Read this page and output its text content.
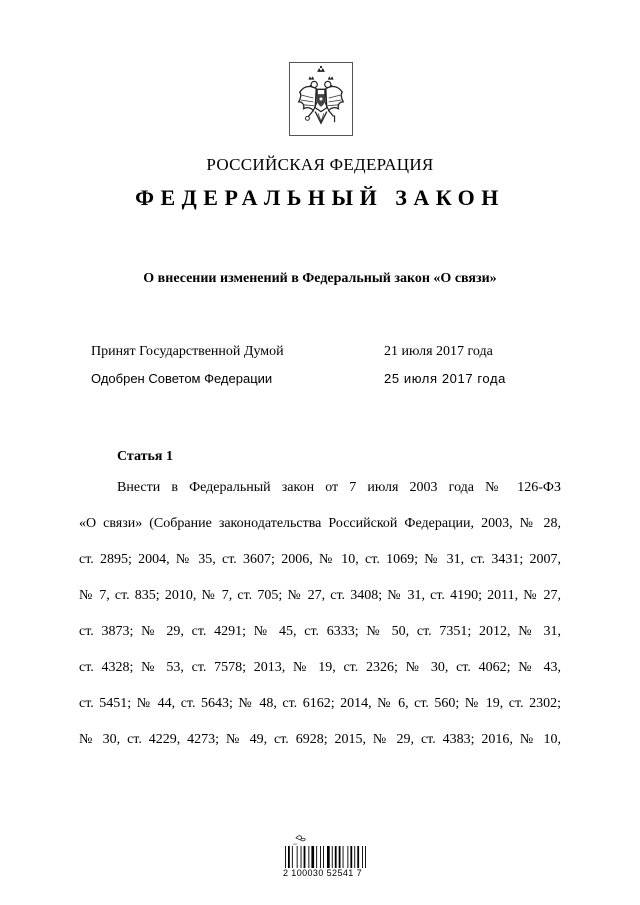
РОССИЙСКАЯ ФЕДЕРАЦИЯ
ФЕДЕРАЛЬНЫЙ ЗАКОН
О внесении изменений в Федеральный закон «О связи»
Принят Государственной Думой	21 июля 2017 года
Одобрен Советом Федерации	25 июля 2017 года
Статья 1
Внести в Федеральный закон от 7 июля 2003 года № 126-ФЗ
«О связи» (Собрание законодательства Российской Федерации, 2003, № 28,
ст. 2895; 2004, № 35, ст. 3607; 2006, № 10, ст. 1069; № 31, ст. 3431; 2007,
№ 7, ст. 835; 2010, № 7, ст. 705; № 27, ст. 3408; № 31, ст. 4190; 2011, № 27,
ст. 3873; № 29, ст. 4291; № 45, ст. 6333; № 50, ст. 7351; 2012, № 31,
ст. 4328; № 53, ст. 7578; 2013, № 19, ст. 2326; № 30, ст. 4062; № 43,
ст. 5451; № 44, ст. 5643; № 48, ст. 6162; 2014, № 6, ст. 560; № 19, ст. 2302;
№ 30, ст. 4229, 4273; № 49, ст. 6928; 2015, № 29, ст. 4383; 2016, № 10,
▪▪▪▪
2 100030 52541 7
